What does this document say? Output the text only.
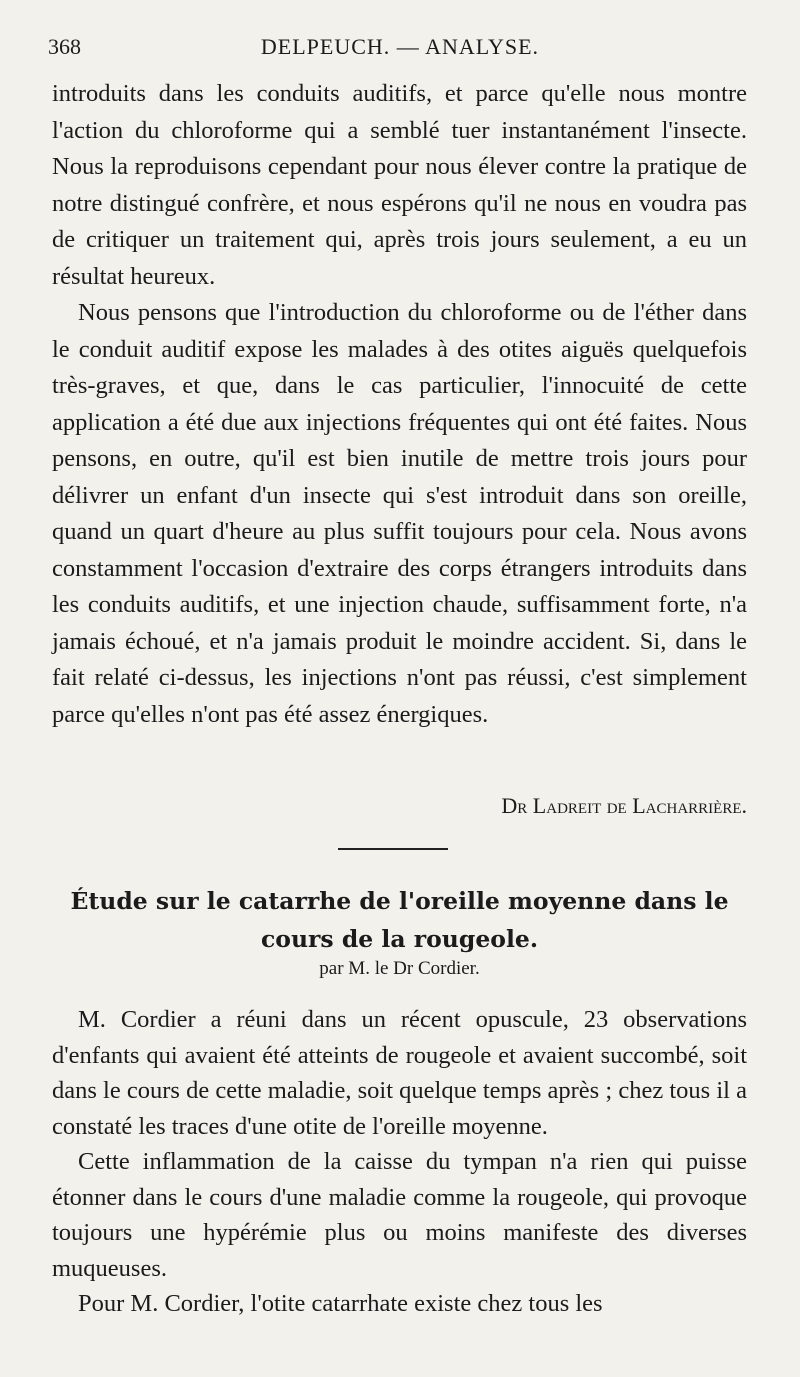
368	DELPEUCH. — ANALYSE.

introduits dans les conduits auditifs, et parce qu'elle nous montre l'action du chloroforme qui a semblé tuer instantanément l'insecte. Nous la reproduisons cependant pour nous élever contre la pratique de notre distingué confrère, et nous espérons qu'il ne nous en voudra pas de critiquer un traitement qui, après trois jours seulement, a eu un résultat heureux.

Nous pensons que l'introduction du chloroforme ou de l'éther dans le conduit auditif expose les malades à des otites aiguës quelquefois très-graves, et que, dans le cas particulier, l'innocuité de cette application a été due aux injections fréquentes qui ont été faites. Nous pensons, en outre, qu'il est bien inutile de mettre trois jours pour délivrer un enfant d'un insecte qui s'est introduit dans son oreille, quand un quart d'heure au plus suffit toujours pour cela. Nous avons constamment l'occasion d'extraire des corps étrangers introduits dans les conduits auditifs, et une injection chaude, suffisamment forte, n'a jamais échoué, et n'a jamais produit le moindre accident. Si, dans le fait relaté ci-dessus, les injections n'ont pas réussi, c'est simplement parce qu'elles n'ont pas été assez énergiques.

Dr Ladreit de Lacharrière.
Étude sur le catarrhe de l'oreille moyenne dans le cours de la rougeole.
par M. le Dr Cordier.

M. Cordier a réuni dans un récent opuscule, 23 observations d'enfants qui avaient été atteints de rougeole et avaient succombé, soit dans le cours de cette maladie, soit quelque temps après ; chez tous il a constaté les traces d'une otite de l'oreille moyenne.

Cette inflammation de la caisse du tympan n'a rien qui puisse étonner dans le cours d'une maladie comme la rougeole, qui provoque toujours une hypérémie plus ou moins manifeste des diverses muqueuses.

Pour M. Cordier, l'otite catarrhate existe chez tous les
